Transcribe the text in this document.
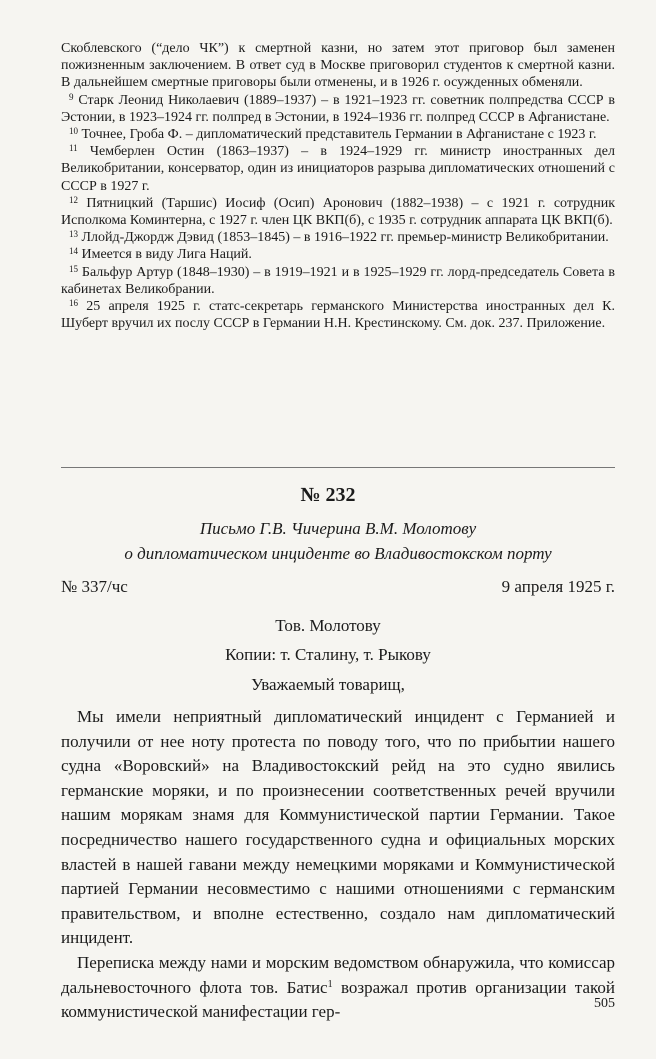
Скоблевского (“дело ЧК”) к смертной казни, но затем этот приговор был заменен пожизненным заключением. В ответ суд в Москве приговорил студентов к смертной казни. В дальнейшем смертные приговоры были отменены, и в 1926 г. осужденных обменяли.

$^9$ Старк Леонид Николаевич (1889–1937) – в 1921–1923 гг. советник полпредства СССР в Эстонии, в 1923–1924 гг. полпред в Эстонии, в 1924–1936 гг. полпред СССР в Афганистане.

$^{10}$ Точнее, Гроба Ф. – дипломатический представитель Германии в Афганистане с 1923 г.

$^{11}$ Чемберлен Остин (1863–1937) – в 1924–1929 гг. министр иностранных дел Великобритании, консерватор, один из инициаторов разрыва дипломатических отношений с СССР в 1927 г.

$^{12}$ Пятницкий (Таршис) Иосиф (Осип) Аронович (1882–1938) – с 1921 г. сотрудник Исполкома Коминтерна, с 1927 г. член ЦК ВКП(б), с 1935 г. сотрудник аппарата ЦК ВКП(б).

$^{13}$ Ллойд-Джордж Дэвид (1853–1845) – в 1916–1922 гг. премьер-министр Великобритании.

$^{14}$ Имеется в виду Лига Наций.

$^{15}$ Бальфур Артур (1848–1930) – в 1919–1921 и в 1925–1929 гг. лорд-председатель Совета в кабинетах Великобрании.

$^{16}$ 25 апреля 1925 г. статс-секретарь германского Министерства иностранных дел К. Шуберт вручил их послу СССР в Германии Н.Н. Крестинскому. См. док. 237. Приложение.

№ 232
Письмо Г.В. Чичерина В.М. Молотову
о дипломатическом инциденте во Владивостокском порту
№ 337/чс	9 апреля 1925 г.
Тов. Молотову
Копии: т. Сталину, т. Рыкову
Уважаемый товарищ,

Мы имели неприятный дипломатический инцидент с Германией и получили от нее ноту протеста по поводу того, что по прибытии нашего судна «Воровский» на Владивостокский рейд на это судно явились германские моряки, и по произнесении соответственных речей вручили нашим морякам знамя для Коммунистической партии Германии. Такое посредничество нашего государственного судна и официальных морских властей в нашей гавани между немецкими моряками и Коммунистической партией Германии несовместимо с нашими отношениями с германским правительством, и вполне естественно, создало нам дипломатический инцидент.

Переписка между нами и морским ведомством обнаружила, что комиссар дальневосточного флота тов. Батис$^1$ возражал против организации такой коммунистической манифестации гер-	505
